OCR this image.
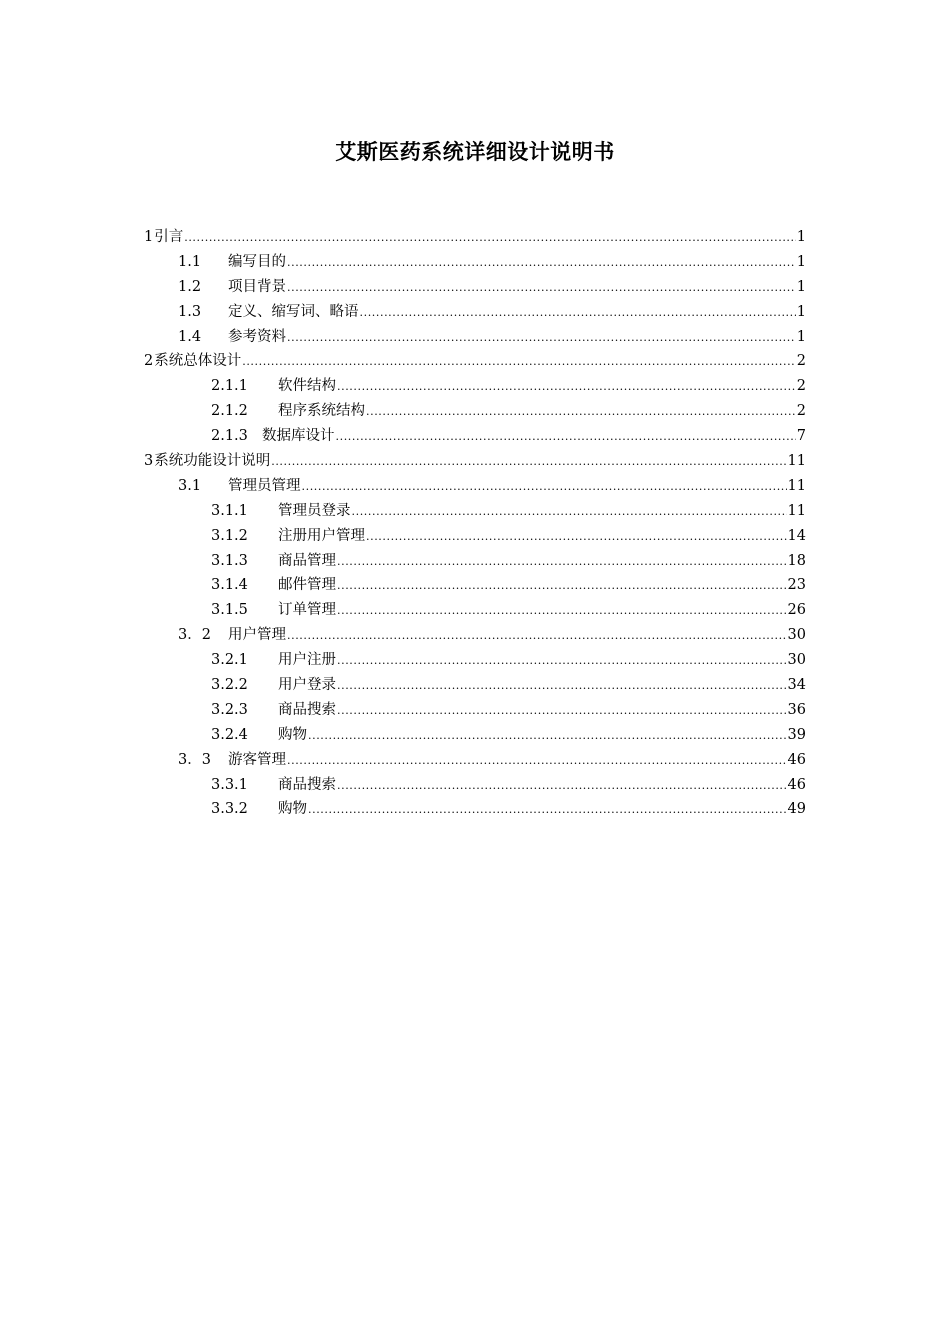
艾斯医药系统详细设计说明书
1 引言 .....	1
1.1	编写目的 .....	1
1.2	项目背景 .....	1
1.3	定义、缩写词、略语 .....	1
1.4	参考资料 .....	1
2 系统总体设计 .....	2
2.1.1	软件结构 .....	2
2.1.2	程序系统结构 .....	2
2.1.3 数据库设计 .....	7
3 系统功能设计说明 .....	11
3.1	管理员管理 .....	11
3.1.1	管理员登录 .....	11
3.1.2	注册用户管理 .....	14
3.1.3	商品管理 .....	18
3.1.4	邮件管理 .....	23
3.1.5	订单管理 .....	26
3．2	用户管理 .....	30
3.2.1	用户注册 .....	30
3.2.2	用户登录 .....	34
3.2.3	商品搜索 .....	36
3.2.4	购物 .....	39
3．3	游客管理 .....	46
3.3.1	商品搜索 .....	46
3.3.2	购物 .....	49
